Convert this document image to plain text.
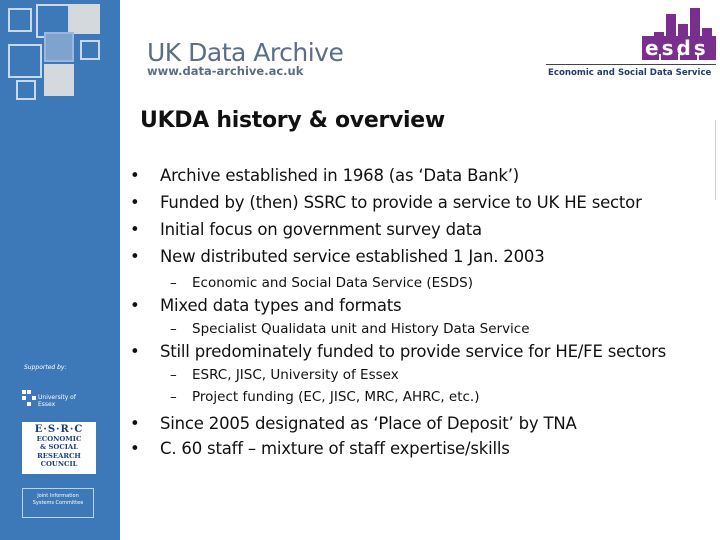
Supported by:
University of Essex
E·S·R·C
ECONOMIC
& SOCIAL
RESEARCH
COUNCIL
Joint Information
Systems Committee
UK Data Archive
www.data-archive.ac.uk
esds
Economic and Social Data Service
UKDA history & overview
• Archive established in 1968 (as ‘Data Bank’)
• Funded by (then) SSRC to provide a service to UK HE sector
• Initial focus on government survey data
• New distributed service established 1 Jan. 2003
– Economic and Social Data Service (ESDS)
• Mixed data types and formats
– Specialist Qualidata unit and History Data Service
• Still predominately funded to provide service for HE/FE sectors
– ESRC, JISC, University of Essex
– Project funding (EC, JISC, MRC, AHRC, etc.)
• Since 2005 designated as ‘Place of Deposit’ by TNA
• C. 60 staff – mixture of staff expertise/skills
